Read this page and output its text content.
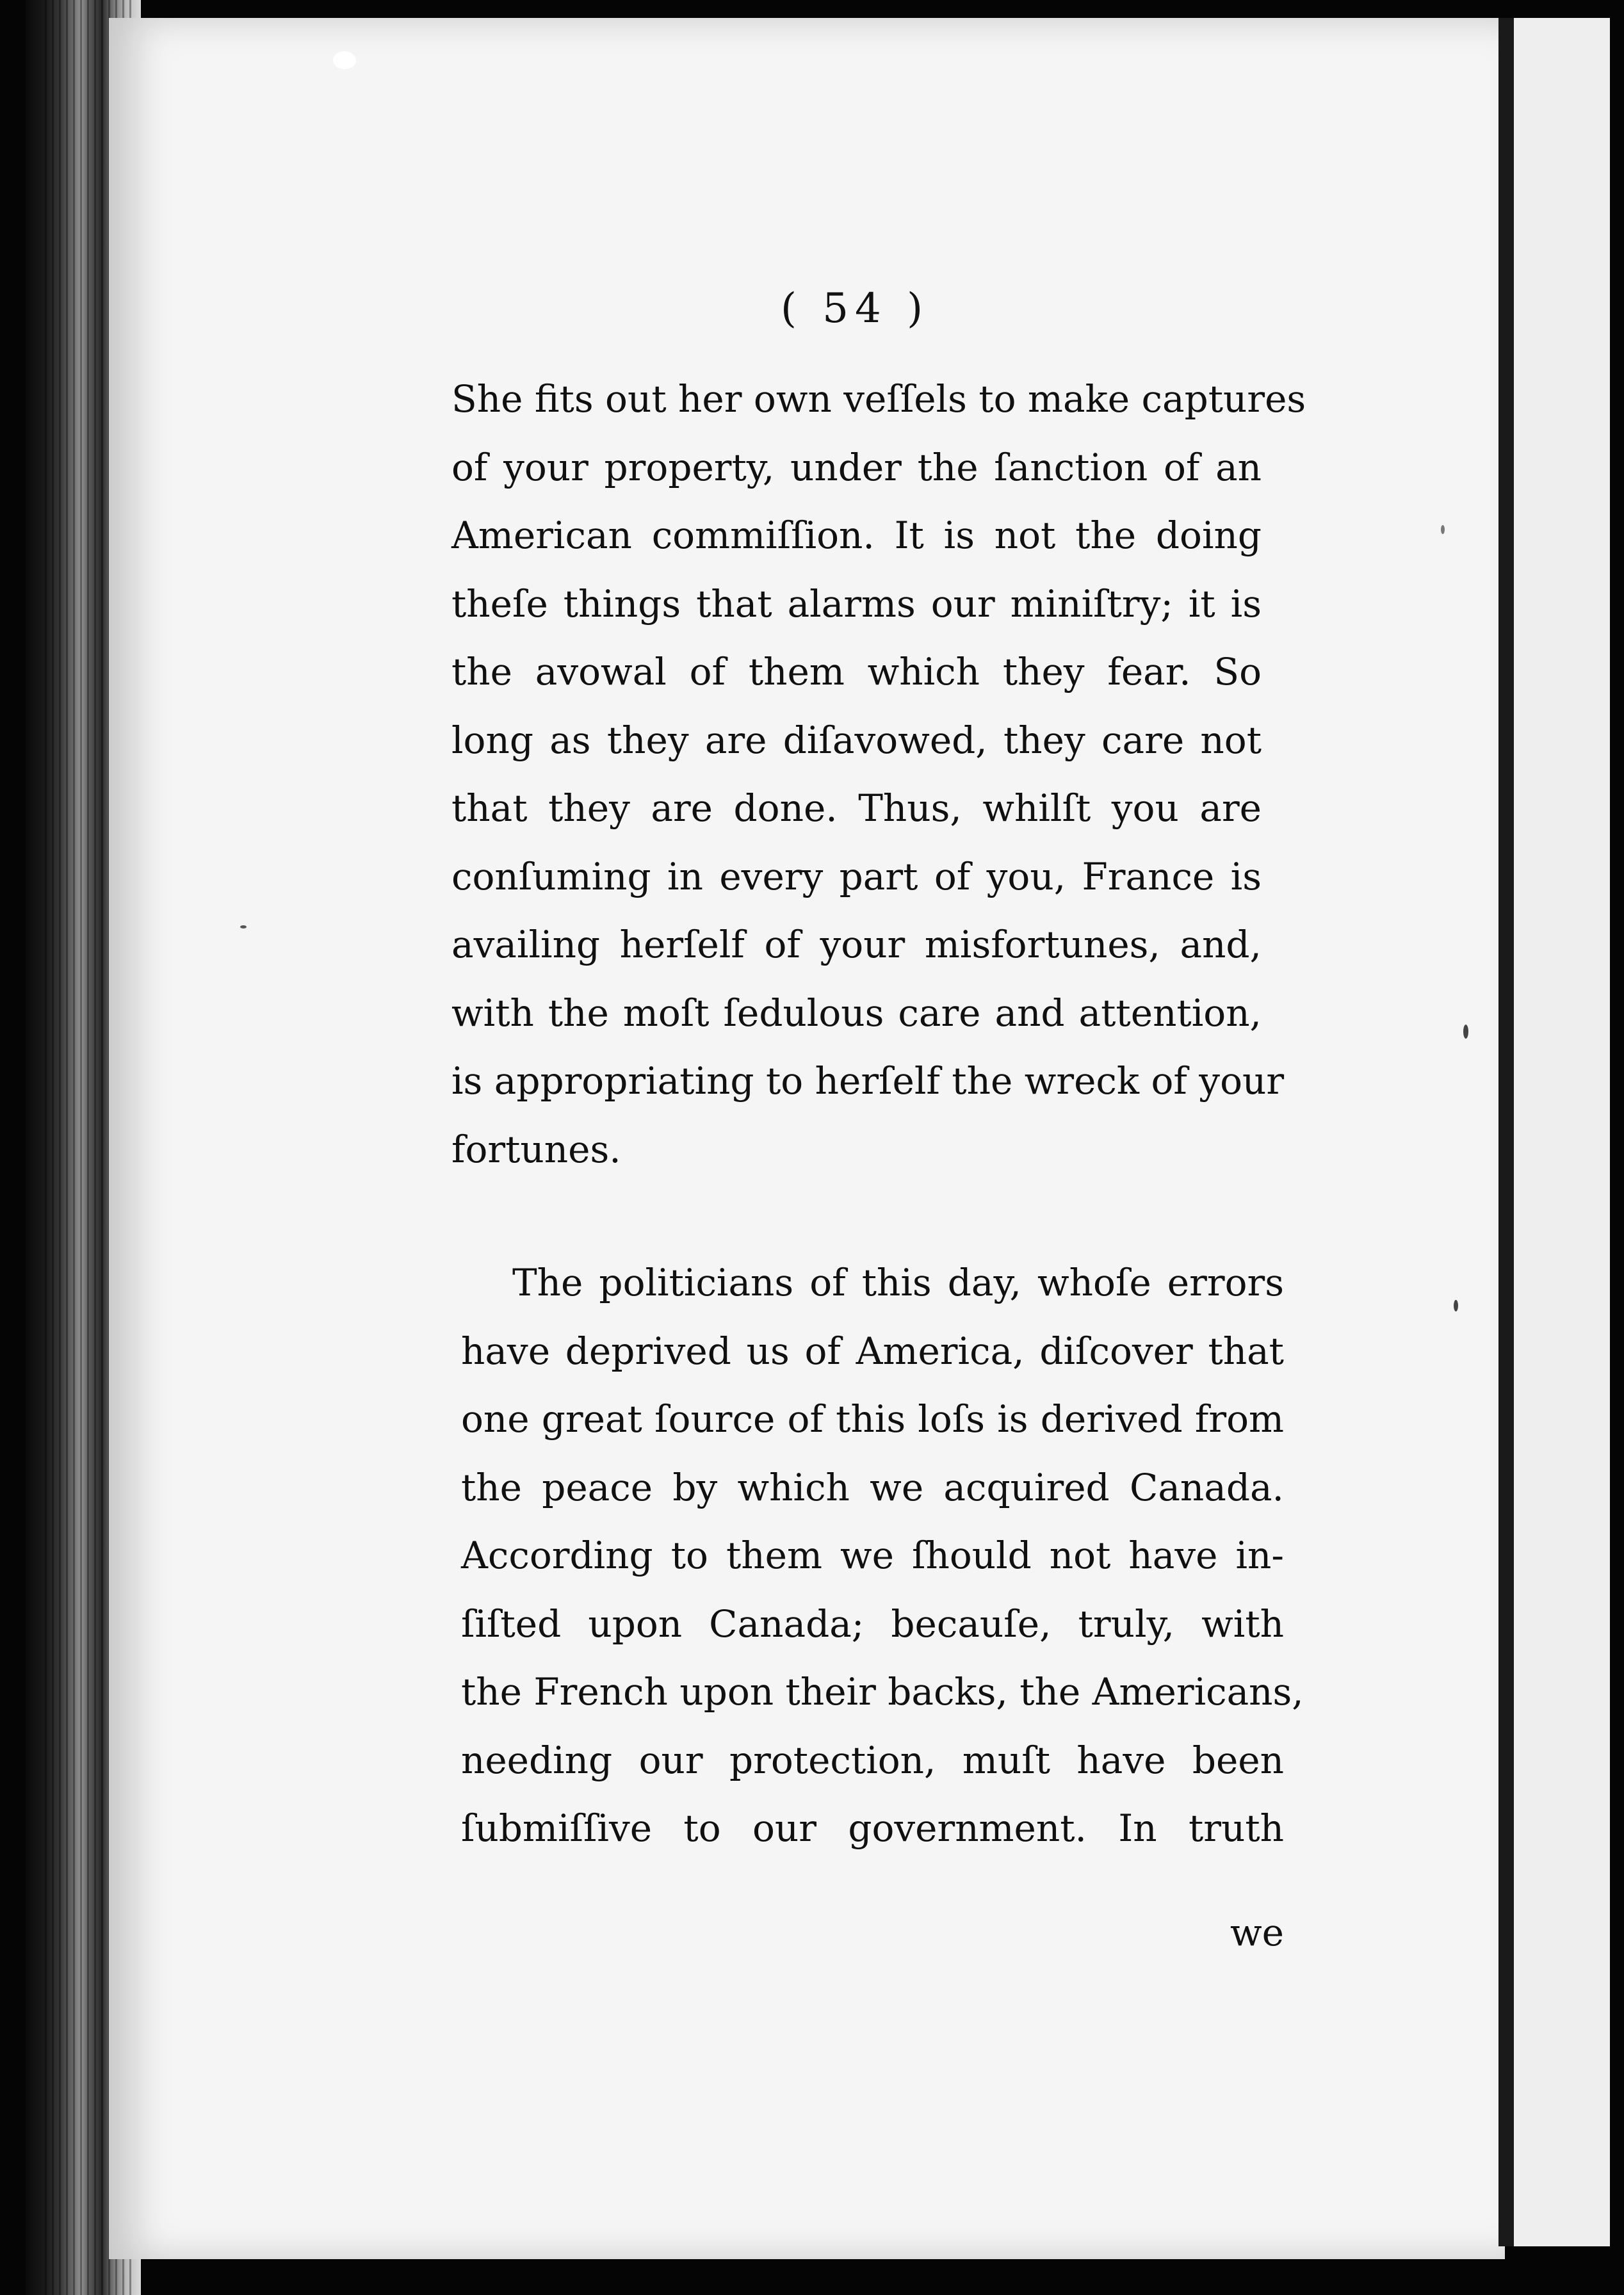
( 54 )
She fits out her own veſſels to make captures
of your property, under the ſanction of an
American commiſſion. It is not the doing
theſe things that alarms our miniſtry; it is
the avowal of them which they fear. So
long as they are diſavowed, they care not
that they are done. Thus, whilſt you are
conſuming in every part of you, France is
availing herſelf of your misfortunes, and,
with the moſt ſedulous care and attention,
is appropriating to herſelf the wreck of your
fortunes.
The politicians of this day, whoſe errors
have deprived us of America, diſcover that
one great ſource of this loſs is derived from
the peace by which we acquired Canada.
According to them we ſhould not have in-
ſiſted upon Canada; becauſe, truly, with
the French upon their backs, the Americans,
needing our protection, muſt have been
ſubmiſſive to our government. In truth
we
